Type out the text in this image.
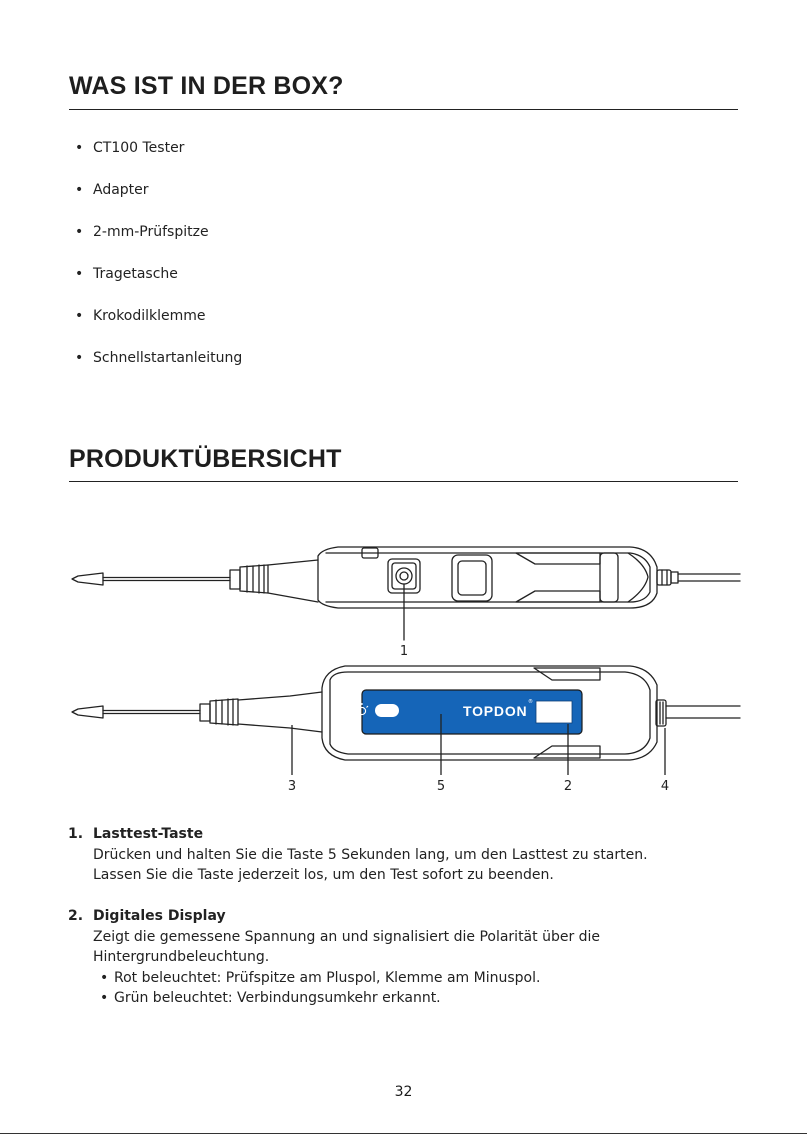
WAS IST IN DER BOX?
• CT100 Tester
• Adapter
• 2-mm-Prüfspitze
• Tragetasche
• Krokodilklemme
• Schnellstartanleitung
PRODUKTÜBERSICHT
TOPDON
®
1
3	5	2	4
1. Lasttest-Taste
Drücken und halten Sie die Taste 5 Sekunden lang, um den Lasttest zu starten.
Lassen Sie die Taste jederzeit los, um den Test sofort zu beenden.
2. Digitales Display
Zeigt die gemessene Spannung an und signalisiert die Polarität über die
Hintergrundbeleuchtung.
• Rot beleuchtet: Prüfspitze am Pluspol, Klemme am Minuspol.
• Grün beleuchtet: Verbindungsumkehr erkannt.
32
